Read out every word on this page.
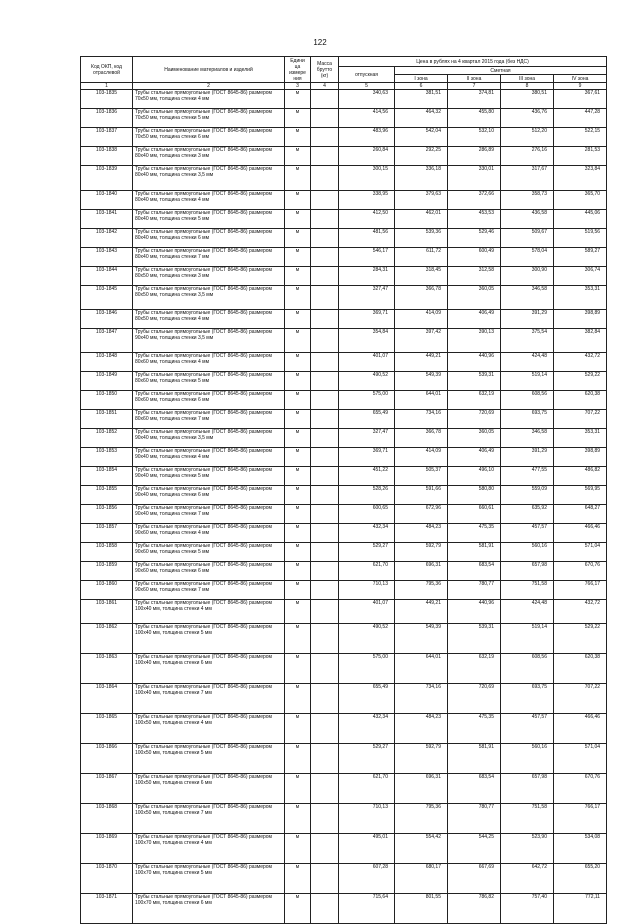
122
Код ОКП, код отраслевой	Наименование материалов и изделий	Едини ца измере ния	Масса брутто (кг)	Цена в рублях на 4 квартал 2015 года (без НДС)				
				отпускная	Сметная			
					I зона	II зона	III зона	IV зона

1	2	3	4	5	6	7	8	9
103-1835	Трубы стальные прямоугольные (ГОСТ 8645-86) размером 70х50 мм, толщина стенки 4 мм	м		340,63	381,51	374,81	380,51	367,61
103-1836	Трубы стальные прямоугольные (ГОСТ 8645-86) размером 70х50 мм, толщина стенки 5 мм	м		414,56	464,32	455,80	436,76	447,28
103-1837	Трубы стальные прямоугольные (ГОСТ 8645-86) размером 70х50 мм, толщина стенки 6 мм	м		483,96	542,04	532,10	512,20	522,15
103-1838	Трубы стальные прямоугольные (ГОСТ 8645-86) размером 80х40 мм, толщина стенки 3 мм	м		260,84	292,25	286,89	276,16	281,53
103-1839	Трубы стальные прямоугольные (ГОСТ 8645-86) размером 80х40 мм, толщина стенки 3,5 мм	м		300,15	336,18	330,01	317,67	323,84
103-1840	Трубы стальные прямоугольные (ГОСТ 8645-86) размером 80х40 мм, толщина стенки 4 мм	м		338,95	379,63	372,66	358,73	365,70
103-1841	Трубы стальные прямоугольные (ГОСТ 8645-86) размером 80х40 мм, толщина стенки 5 мм	м		412,50	462,01	453,53	436,58	445,06
103-1842	Трубы стальные прямоугольные (ГОСТ 8645-86) размером 80х40 мм, толщина стенки 6 мм	м		481,56	539,36	529,46	509,67	519,56
103-1843	Трубы стальные прямоугольные (ГОСТ 8645-86) размером 80х40 мм, толщина стенки 7 мм	м		546,17	611,72	600,49	578,04	589,27
103-1844	Трубы стальные прямоугольные (ГОСТ 8645-86) размером 80х50 мм, толщина стенки 3 мм	м		284,31	318,45	312,58	300,90	306,74
103-1845	Трубы стальные прямоугольные (ГОСТ 8645-86) размером 80х50 мм, толщина стенки 3,5 мм	м		327,47	366,78	360,05	346,58	353,31
103-1846	Трубы стальные прямоугольные (ГОСТ 8645-86) размером 80х50 мм, толщина стенки 4 мм	м		369,71	414,09	406,49	391,29	398,89
103-1847	Трубы стальные прямоугольные (ГОСТ 8645-86) размером 90х40 мм, толщина стенки 3,5 мм	м		354,84	397,42	390,13	375,54	382,84
103-1848	Трубы стальные прямоугольные (ГОСТ 8645-86) размером 80х60 мм, толщина стенки 4 мм	м		401,07	449,21	440,96	424,48	432,72
103-1849	Трубы стальные прямоугольные (ГОСТ 8645-86) размером 80х60 мм, толщина стенки 5 мм	м		490,52	549,39	539,31	519,14	529,22
103-1850	Трубы стальные прямоугольные (ГОСТ 8645-86) размером 80х60 мм, толщина стенки 6 мм	м		575,00	644,01	632,19	608,56	620,38
103-1851	Трубы стальные прямоугольные (ГОСТ 8645-86) размером 80х60 мм, толщина стенки 7 мм	м		655,49	734,16	720,69	693,75	707,22
103-1852	Трубы стальные прямоугольные (ГОСТ 8645-86) размером 90х40 мм, толщина стенки 3,5 мм	м		327,47	366,78	360,05	346,58	353,31
103-1853	Трубы стальные прямоугольные (ГОСТ 8645-86) размером 90х40 мм, толщина стенки 4 мм	м		369,71	414,09	406,49	391,29	398,89
103-1854	Трубы стальные прямоугольные (ГОСТ 8645-86) размером 90х40 мм, толщина стенки 5 мм	м		451,22	505,37	496,10	477,55	486,82
103-1855	Трубы стальные прямоугольные (ГОСТ 8645-86) размером 90х40 мм, толщина стенки 6 мм	м		528,26	591,66	580,80	559,09	569,95
103-1856	Трубы стальные прямоугольные (ГОСТ 8645-86) размером 90х40 мм, толщина стенки 7 мм	м		600,65	672,96	660,61	635,92	648,27
103-1857	Трубы стальные прямоугольные (ГОСТ 8645-86) размером 90х60 мм, толщина стенки 4 мм	м		432,34	484,23	475,35	457,57	466,46
103-1858	Трубы стальные прямоугольные (ГОСТ 8645-86) размером 90х60 мм, толщина стенки 5 мм	м		529,27	592,79	581,91	560,16	571,04
103-1859	Трубы стальные прямоугольные (ГОСТ 8645-86) размером 90х60 мм, толщина стенки 6 мм	м		621,70	696,31	683,54	657,98	670,76
103-1860	Трубы стальные прямоугольные (ГОСТ 8645-86) размером 90х60 мм, толщина стенки 7 мм	м		710,13	795,36	780,77	751,58	766,17
103-1861	Трубы стальные прямоугольные (ГОСТ 8645-86) размером 100х40 мм, толщина стенки 4 мм	м		401,07	449,21	440,96	424,48	432,72
103-1862	Трубы стальные прямоугольные (ГОСТ 8645-86) размером 100х40 мм, толщина стенки 5 мм	м		490,52	549,39	539,31	519,14	529,22
103-1863	Трубы стальные прямоугольные (ГОСТ 8645-86) размером 100х40 мм, толщина стенки 6 мм	м		575,00	644,01	632,19	608,56	620,38
103-1864	Трубы стальные прямоугольные (ГОСТ 8645-86) размером 100х40 мм, толщина стенки 7 мм	м		655,49	734,16	720,69	693,75	707,22
103-1865	Трубы стальные прямоугольные (ГОСТ 8645-86) размером 100х50 мм, толщина стенки 4 мм	м		432,34	484,23	475,35	457,57	466,46
103-1866	Трубы стальные прямоугольные (ГОСТ 8645-86) размером 100х50 мм, толщина стенки 5 мм	м		529,27	592,79	581,91	560,16	571,04
103-1867	Трубы стальные прямоугольные (ГОСТ 8645-86) размером 100х50 мм, толщина стенки 6 мм	м		621,70	696,31	683,54	657,98	670,76
103-1868	Трубы стальные прямоугольные (ГОСТ 8645-86) размером 100х50 мм, толщина стенки 7 мм	м		710,13	795,36	780,77	751,58	766,17
103-1869	Трубы стальные прямоугольные (ГОСТ 8645-86) размером 100х70 мм, толщина стенки 4 мм	м		495,01	554,42	544,25	523,90	534,08
103-1870	Трубы стальные прямоугольные (ГОСТ 8645-86) размером 100х70 мм, толщина стенки 5 мм	м		607,28	680,17	667,69	642,72	655,20
103-1871	Трубы стальные прямоугольные (ГОСТ 8645-86) размером 100х70 мм, толщина стенки 6 мм	м		715,64	801,55	786,82	757,40	772,11
